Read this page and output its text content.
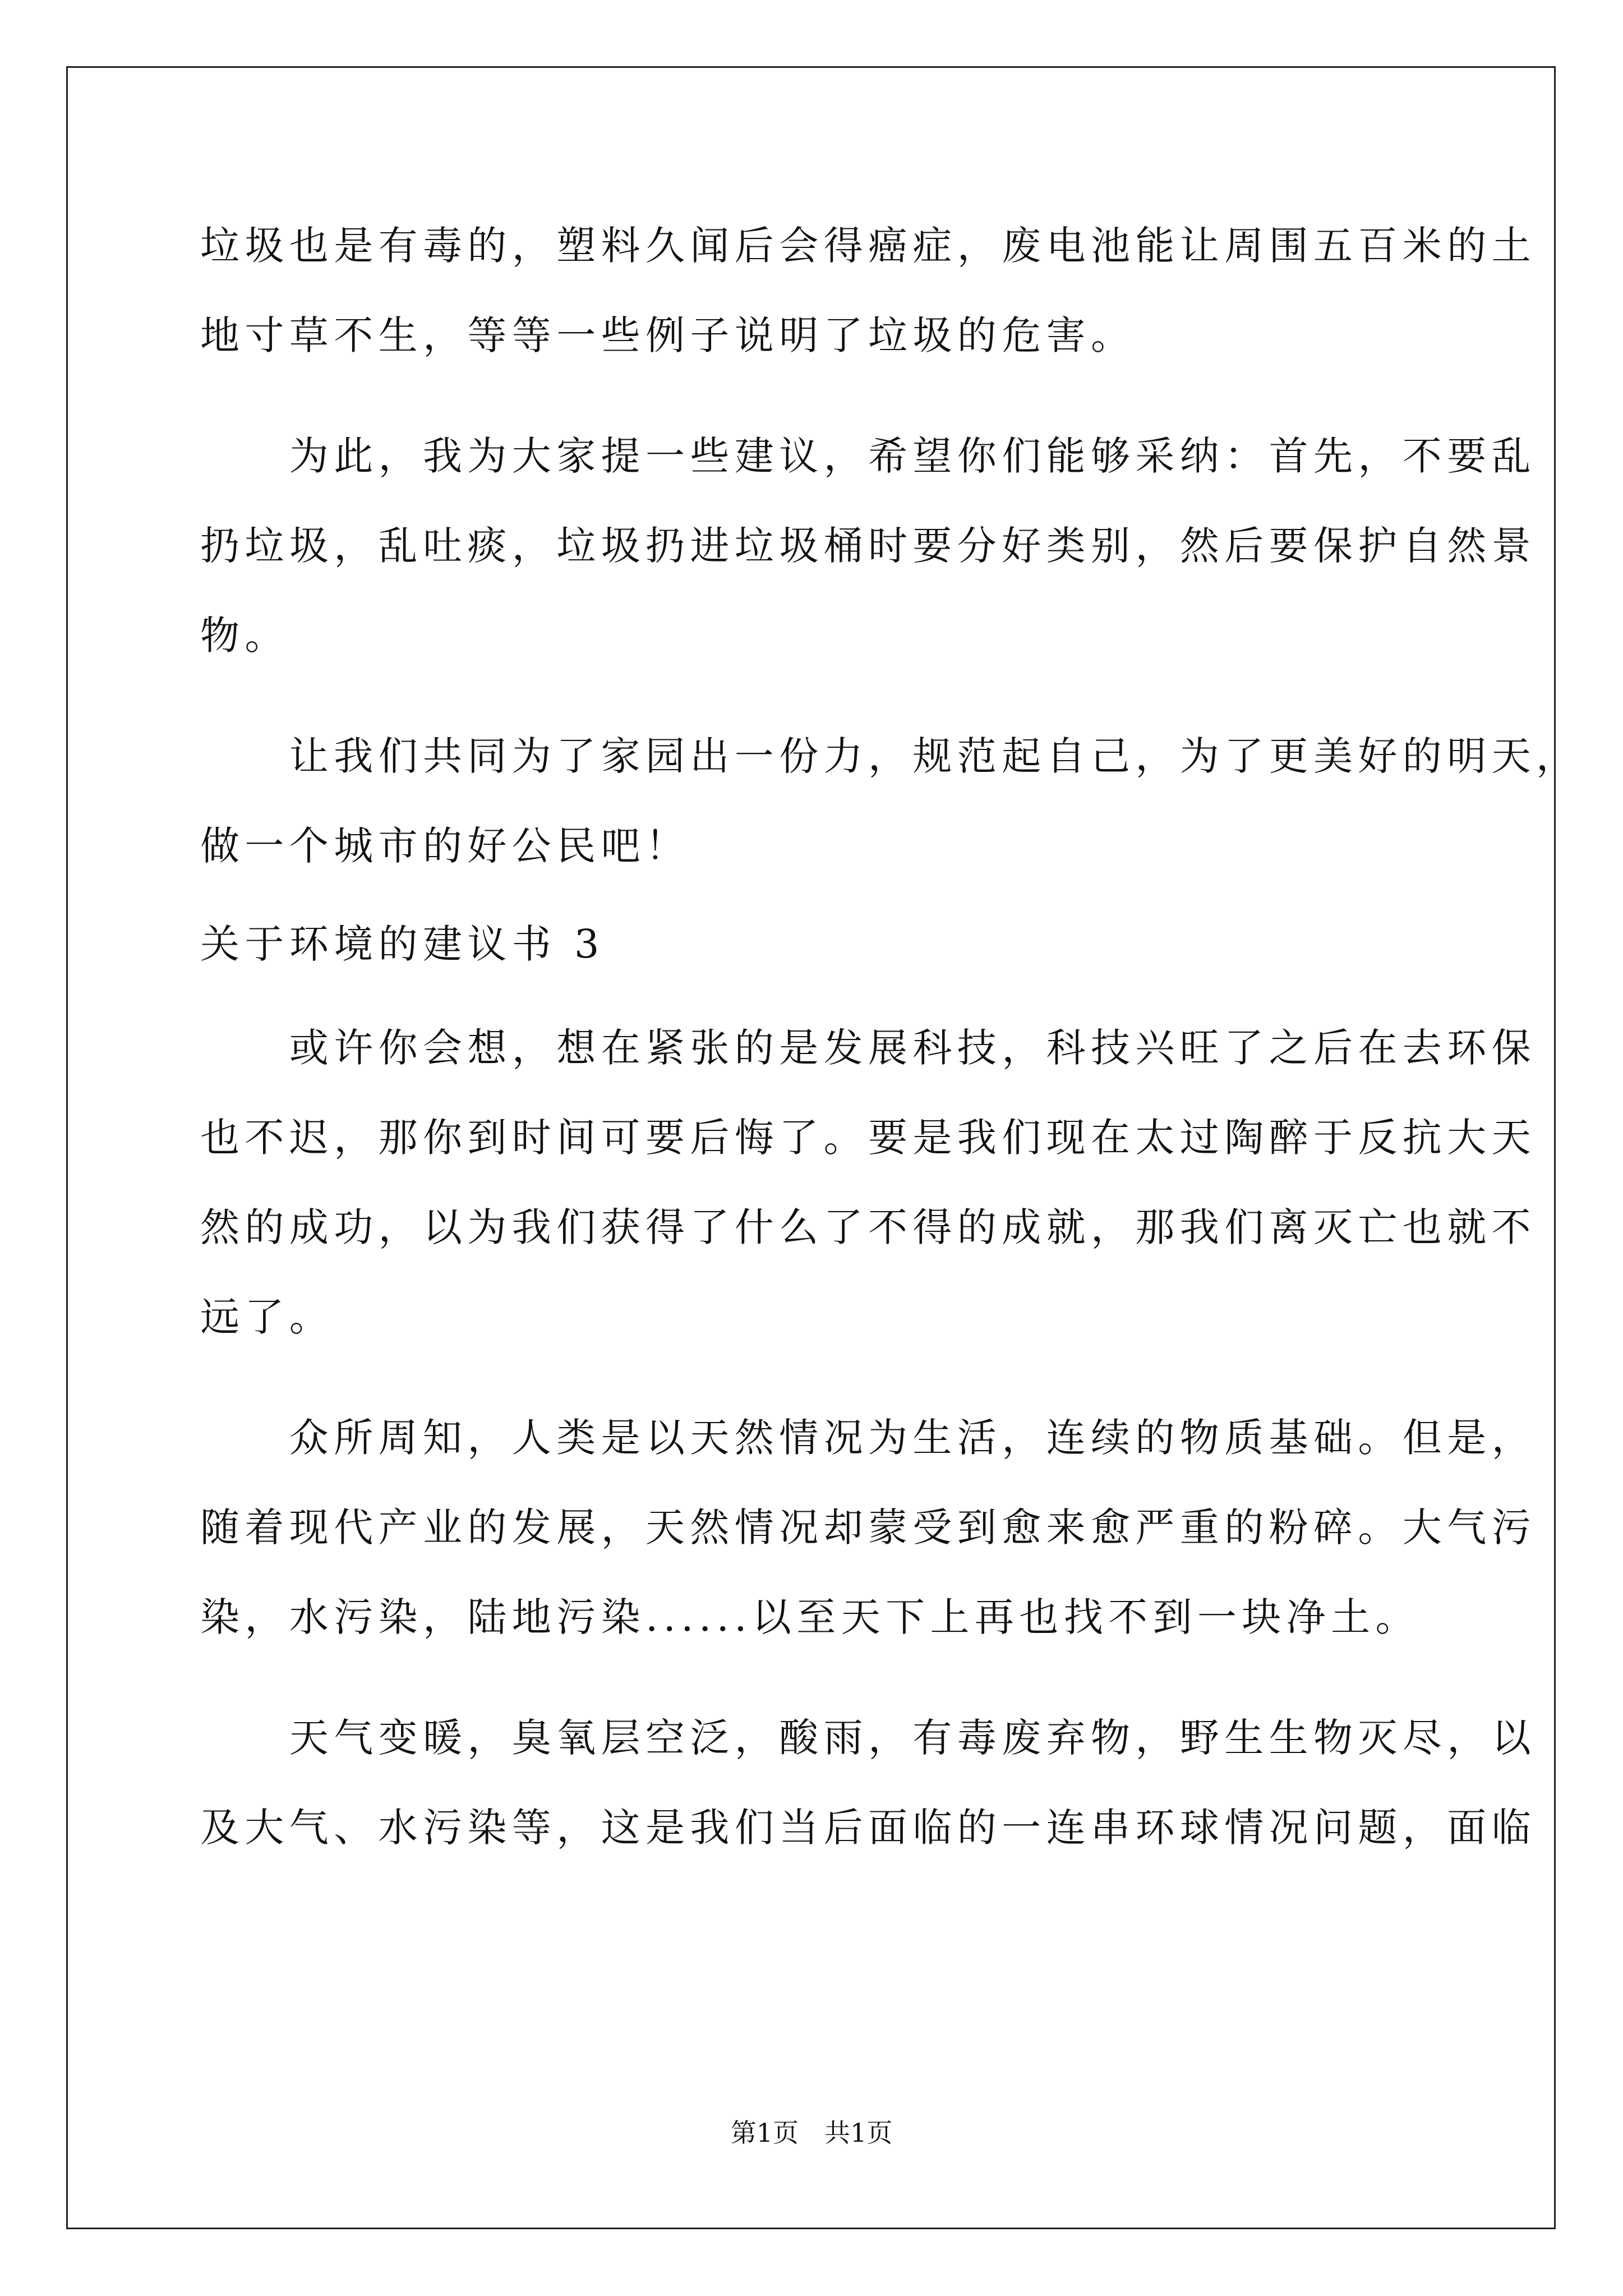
垃圾也是有毒的，塑料久闻后会得癌症，废电池能让周围五百米的土
地寸草不生，等等一些例子说明了垃圾的危害。
　　为此，我为大家提一些建议，希望你们能够采纳：首先，不要乱
扔垃圾，乱吐痰，垃圾扔进垃圾桶时要分好类别，然后要保护自然景
物。
　　让我们共同为了家园出一份力，规范起自己，为了更美好的明天，
做一个城市的好公民吧！
关于环境的建议书 3
　　或许你会想，想在紧张的是发展科技，科技兴旺了之后在去环保
也不迟，那你到时间可要后悔了。要是我们现在太过陶醉于反抗大天
然的成功，以为我们获得了什么了不得的成就，那我们离灭亡也就不
远了。
　　众所周知，人类是以天然情况为生活，连续的物质基础。但是，
随着现代产业的发展，天然情况却蒙受到愈来愈严重的粉碎。大气污
染，水污染，陆地污染......以至天下上再也找不到一块净土。
　　天气变暖，臭氧层空泛，酸雨，有毒废弃物，野生生物灭尽，以
及大气、水污染等，这是我们当后面临的一连串环球情况问题，面临
第1页　共1页
